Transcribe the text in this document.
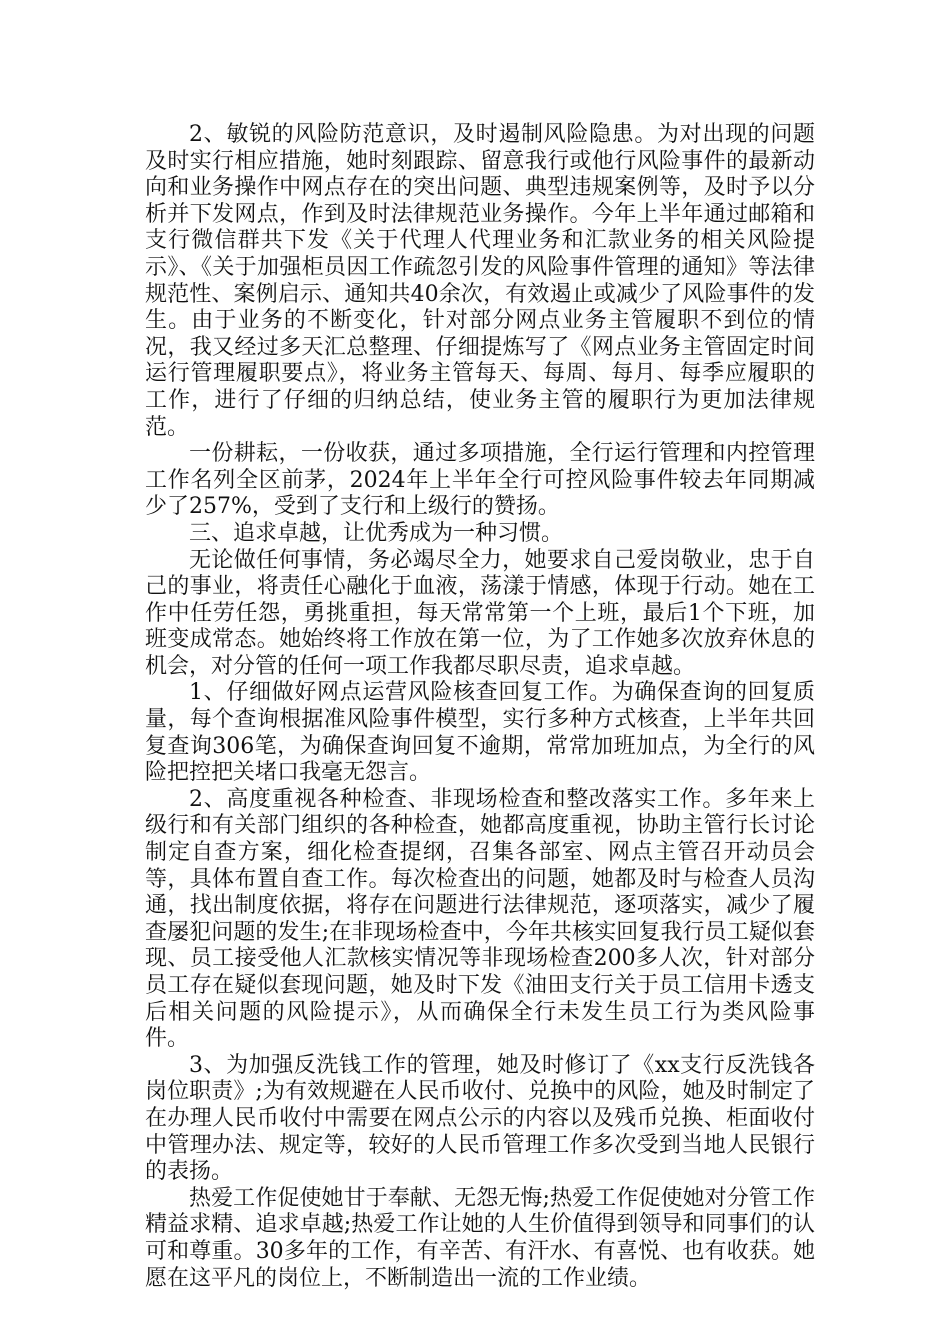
2、敏锐的风险防范意识，及时遏制风险隐患。为对出现的问题及时实行相应措施，她时刻跟踪、留意我行或他行风险事件的最新动向和业务操作中网点存在的突出问题、典型违规案例等，及时予以分析并下发网点，作到及时法律规范业务操作。今年上半年通过邮箱和支行微信群共下发《关于代理人代理业务和汇款业务的相关风险提示》、《关于加强柜员因工作疏忽引发的风险事件管理的通知》等法律规范性、案例启示、通知共40余次，有效遏止或减少了风险事件的发生。由于业务的不断变化，针对部分网点业务主管履职不到位的情况，我又经过多天汇总整理、仔细提炼写了《网点业务主管固定时间运行管理履职要点》，将业务主管每天、每周、每月、每季应履职的工作，进行了仔细的归纳总结，使业务主管的履职行为更加法律规范。

一份耕耘，一份收获，通过多项措施，全行运行管理和内控管理工作名列全区前茅，2024年上半年全行可控风险事件较去年同期减少了257%，受到了支行和上级行的赞扬。

三、追求卓越，让优秀成为一种习惯。

无论做任何事情，务必竭尽全力，她要求自己爱岗敬业，忠于自己的事业，将责任心融化于血液，荡漾于情感，体现于行动。她在工作中任劳任怨，勇挑重担，每天常常第一个上班，最后1个下班，加班变成常态。她始终将工作放在第一位，为了工作她多次放弃休息的机会，对分管的任何一项工作我都尽职尽责，追求卓越。

1、仔细做好网点运营风险核查回复工作。为确保查询的回复质量，每个查询根据准风险事件模型，实行多种方式核查，上半年共回复查询306笔，为确保查询回复不逾期，常常加班加点，为全行的风险把控把关堵口我毫无怨言。

2、高度重视各种检查、非现场检查和整改落实工作。多年来上级行和有关部门组织的各种检查，她都高度重视，协助主管行长讨论制定自查方案，细化检查提纲，召集各部室、网点主管召开动员会等，具体布置自查工作。每次检查出的问题，她都及时与检查人员沟通，找出制度依据，将存在问题进行法律规范，逐项落实，减少了履查屡犯问题的发生;在非现场检查中，今年共核实回复我行员工疑似套现、员工接受他人汇款核实情况等非现场检查200多人次，针对部分员工存在疑似套现问题，她及时下发《油田支行关于员工信用卡透支后相关问题的风险提示》，从而确保全行未发生员工行为类风险事件。

3、为加强反洗钱工作的管理，她及时修订了《xx支行反洗钱各岗位职责》;为有效规避在人民币收付、兑换中的风险，她及时制定了在办理人民币收付中需要在网点公示的内容以及残币兑换、柜面收付中管理办法、规定等，较好的人民币管理工作多次受到当地人民银行的表扬。

热爱工作促使她甘于奉献、无怨无悔;热爱工作促使她对分管工作精益求精、追求卓越;热爱工作让她的人生价值得到领导和同事们的认可和尊重。30多年的工作，有辛苦、有汗水、有喜悦、也有收获。她愿在这平凡的岗位上，不断制造出一流的工作业绩。
